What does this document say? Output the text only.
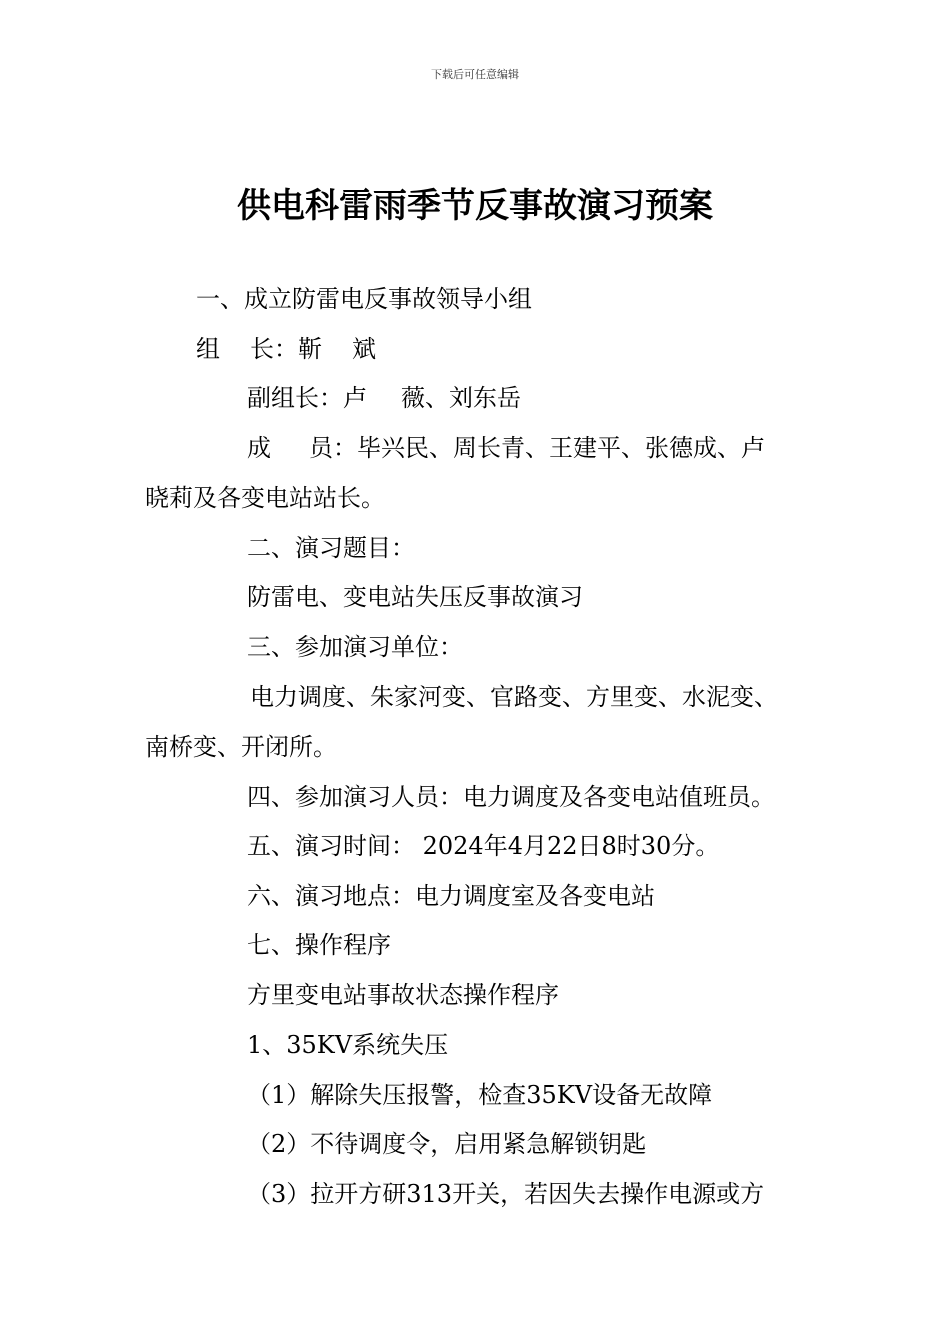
下载后可任意编辑
供电科雷雨季节反事故演习预案
一、成立防雷电反事故领导小组
组 长：靳 斌
副组长：卢 薇、刘东岳
成 员：毕兴民、周长青、王建平、张德成、卢
晓莉及各变电站站长。
二、演习题目：
防雷电、变电站失压反事故演习
三、参加演习单位：
电力调度、朱家河变、官路变、方里变、水泥变、
南桥变、开闭所。
四、参加演习人员：电力调度及各变电站值班员。
五、演习时间： 2024年4月22日8时30分。
六、演习地点：电力调度室及各变电站
七、操作程序
方里变电站事故状态操作程序
1、35KV系统失压
（1）解除失压报警，检查35KV设备无故障
（2）不待调度令，启用紧急解锁钥匙
（3）拉开方研313开关，若因失去操作电源或方
